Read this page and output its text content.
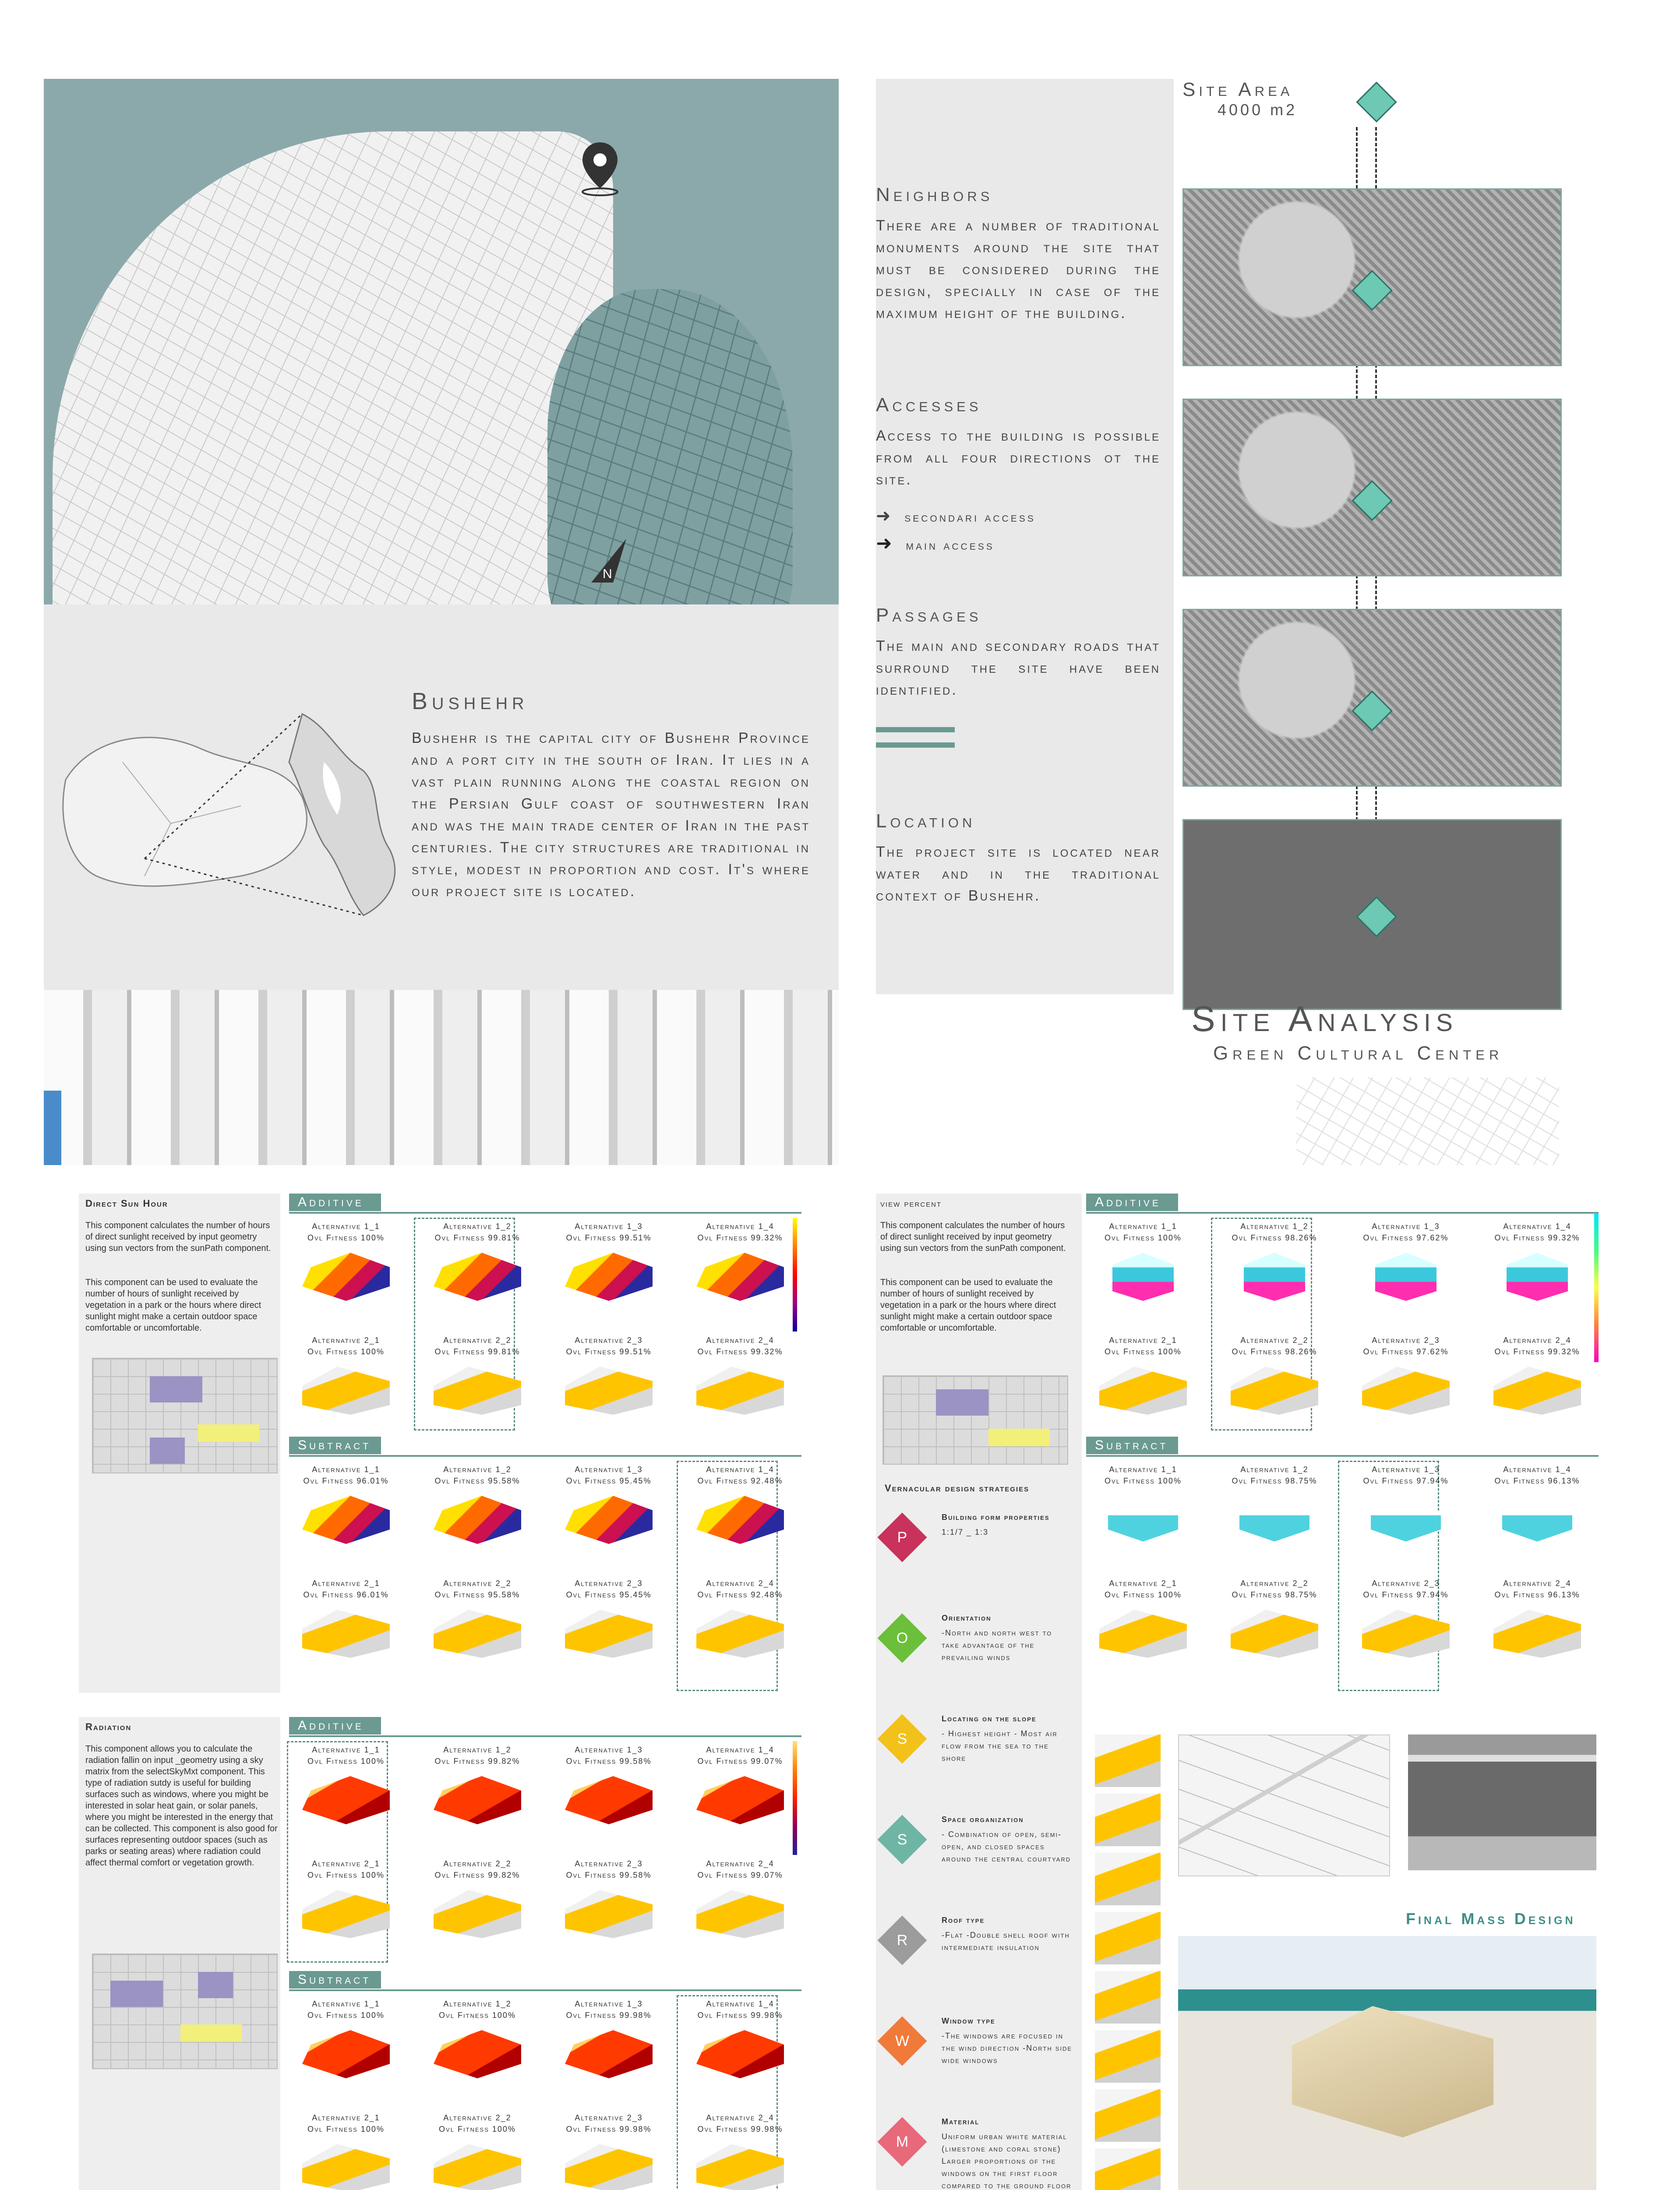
N
Bushehr
Bushehr is the capital city of Bushehr Province and a port city in the south of Iran. It lies in a vast plain running along the coastal region on the Persian Gulf coast of southwestern Iran and was the main trade center of Iran in the past centuries. The city structures are traditional in style, modest in proportion and cost. It's where our project site is located.
Site Area
4000 m2
Neighbors
There are a number of traditional monuments around the site that must be considered during the design, specially in case of the maximum height of the building.
Accesses
Access to the building is possible from all four directions ot the site.
➜ secondari access
➜ main access
Passages
The main and secondary roads that surround the site have been identified.
Location
The project site is located near water and in the traditional context of Bushehr.
Site Analysis
Green Cultural Center
Direct Sun Hour
This component calculates the number of hours of direct sunlight received by input geometry using sun vectors from the sunPath component.
This component can be used to evaluate the number of hours of sunlight received by vegetation in a park or the hours where direct sunlight might make a certain outdoor space comfortable or uncomfortable.
Additive
Alternative 1_1
Ovl Fitness 100%
Alternative 1_2
Ovl Fitness 99.81%
Alternative 1_3
Ovl Fitness 99.51%
Alternative 1_4
Ovl Fitness 99.32%
Alternative 2_1
Ovl Fitness 100%
Alternative 2_2
Ovl Fitness 99.81%
Alternative 2_3
Ovl Fitness 99.51%
Alternative 2_4
Ovl Fitness 99.32%
Subtract
Alternative 1_1
Ovl Fitness 96.01%
Alternative 1_2
Ovl Fitness 95.58%
Alternative 1_3
Ovl Fitness 95.45%
Alternative 1_4
Ovl Fitness 92.48%
Alternative 2_1
Ovl Fitness 96.01%
Alternative 2_2
Ovl Fitness 95.58%
Alternative 2_3
Ovl Fitness 95.45%
Alternative 2_4
Ovl Fitness 92.48%
Radiation
This component allows you to calculate the radiation fallin on input _geometry using a sky matrix from the selectSkyMxt component. This type of radiation sutdy is useful for building surfaces such as windows, where you might be interested in solar heat gain, or solar panels, where you might be interested in the energy that can be collected. This component is also good for surfaces representing outdoor spaces (such as parks or seating areas) where radiation could affect thermal comfort or vegetation growth.
Additive
Alternative 1_1
Ovl Fitness 100%
Alternative 1_2
Ovl Fitness 99.82%
Alternative 1_3
Ovl Fitness 99.58%
Alternative 1_4
Ovl Fitness 99.07%
Alternative 2_1
Ovl Fitness 100%
Alternative 2_2
Ovl Fitness 99.82%
Alternative 2_3
Ovl Fitness 99.58%
Alternative 2_4
Ovl Fitness 99.07%
Subtract
Alternative 1_1
Ovl Fitness 100%
Alternative 1_2
Ovl Fitness 100%
Alternative 1_3
Ovl Fitness 99.98%
Alternative 1_4
Ovl Fitness 99.98%
Alternative 2_1
Ovl Fitness 100%
Alternative 2_2
Ovl Fitness 100%
Alternative 2_3
Ovl Fitness 99.98%
Alternative 2_4
Ovl Fitness 99.98%
view percent
This component calculates the number of hours of direct sunlight received by input geometry using sun vectors from the sunPath component.
This component can be used to evaluate the number of hours of sunlight received by vegetation in a park or the hours where direct sunlight might make a certain outdoor space comfortable or uncomfortable.
Additive
Alternative 1_1
Ovl Fitness 100%
Alternative 1_2
Ovl Fitness 98.26%
Alternative 1_3
Ovl Fitness 97.62%
Alternative 1_4
Ovl Fitness 99.32%
Alternative 2_1
Ovl Fitness 100%
Alternative 2_2
Ovl Fitness 98.26%
Alternative 2_3
Ovl Fitness 97.62%
Alternative 2_4
Ovl Fitness 99.32%
Subtract
Alternative 1_1
Ovl Fitness 100%
Alternative 1_2
Ovl Fitness 98.75%
Alternative 1_3
Ovl Fitness 97.94%
Alternative 1_4
Ovl Fitness 96.13%
Alternative 2_1
Ovl Fitness 100%
Alternative 2_2
Ovl Fitness 98.75%
Alternative 2_3
Ovl Fitness 97.94%
Alternative 2_4
Ovl Fitness 96.13%
Vernacular design strategies
P
Building form properties
1:1/7 _ 1:3
O
Orientation
-North and north west to take advantage of the prevailing winds
S
Locating on the slope
- Highest height - Most air flow from the sea to the shore
S
Space organization
- Combination of open, semi-open, and closed spaces around the central courtyard
R
Roof type
-Flat -Double shell roof with intermediate insulation
W
Window type
-The windows are focused in the wind direction -North side wide windows
M
Material
Uniform urban white material (limestone and coral stone) Larger proportions of the windows on the first floor compared to the ground floor
Final Mass Design
